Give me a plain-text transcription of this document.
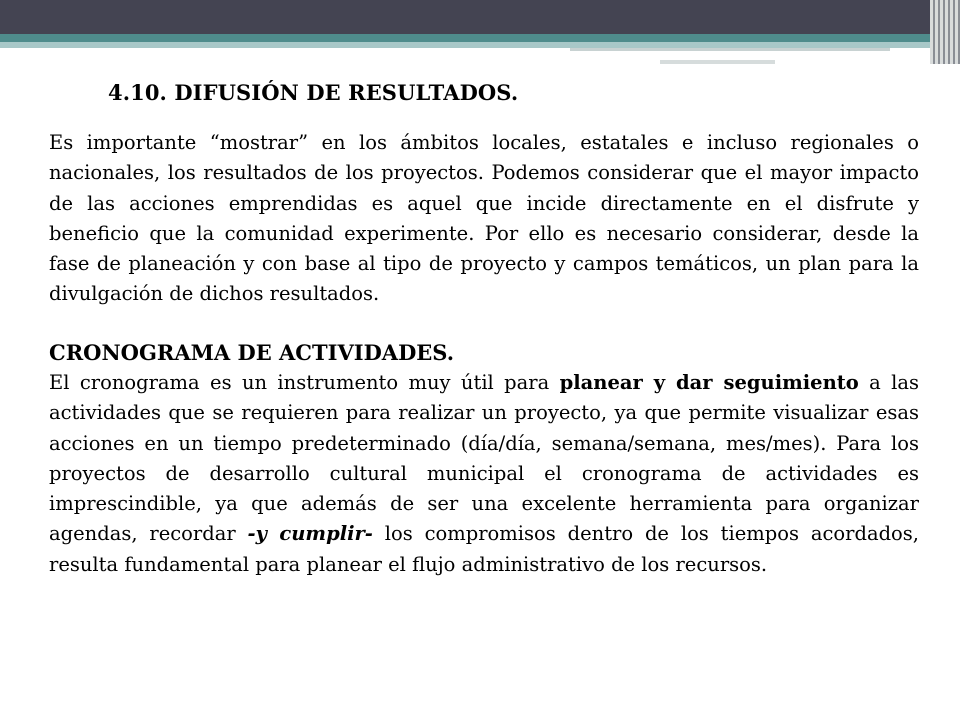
4.10. DIFUSIÓN DE RESULTADOS.
Es importante “mostrar” en los ámbitos locales, estatales e incluso regionales o nacionales, los resultados de los proyectos. Podemos considerar que el mayor impacto de las acciones emprendidas es aquel que incide directamente en el disfrute y beneficio que la comunidad experimente. Por ello es necesario considerar, desde la fase de planeación y con base al tipo de proyecto y campos temáticos, un plan para la divulgación de dichos resultados.
CRONOGRAMA DE ACTIVIDADES.
El cronograma es un instrumento muy útil para planear y dar seguimiento a las actividades que se requieren para realizar un proyecto, ya que permite visualizar esas acciones en un tiempo predeterminado (día/día, semana/semana, mes/mes). Para los proyectos de desarrollo cultural municipal el cronograma de actividades es imprescindible, ya que además de ser una excelente herramienta para organizar agendas, recordar -y cumplir- los compromisos dentro de los tiempos acordados, resulta fundamental para planear el flujo administrativo de los recursos.
